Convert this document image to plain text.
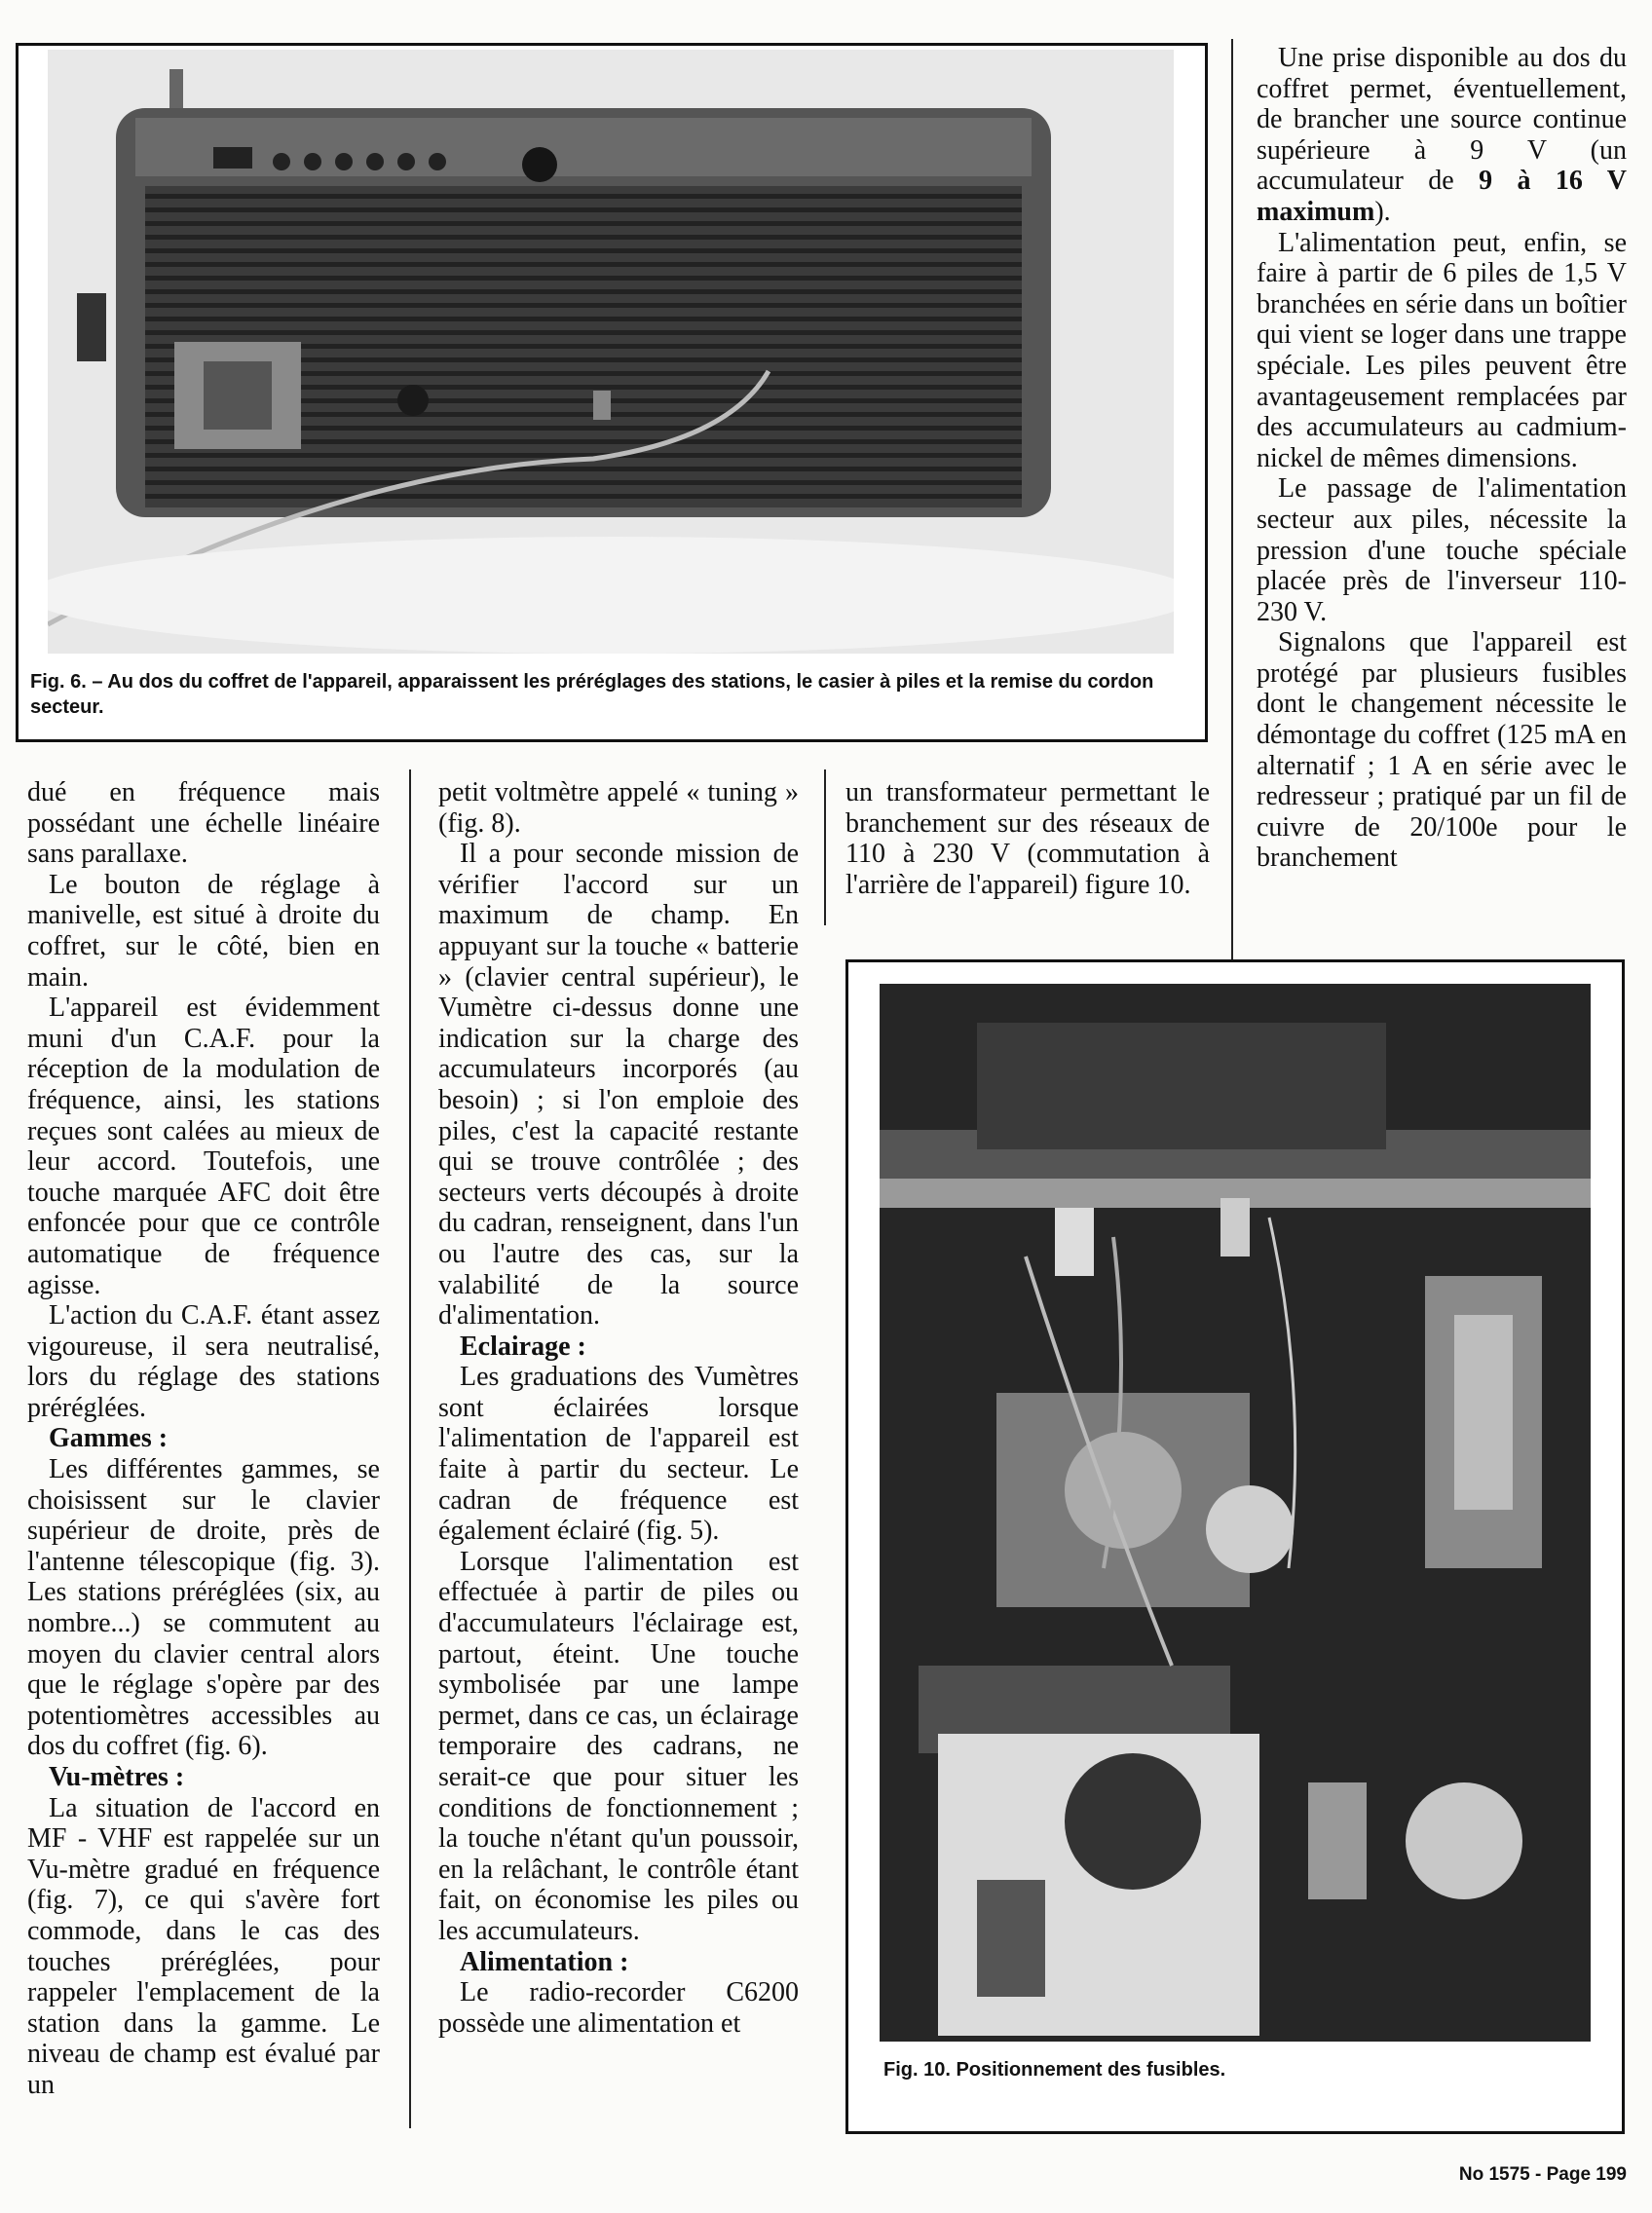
Fig. 6. – Au dos du coffret de l'appareil, apparaissent les préréglages des stations, le casier à piles et la remise du cordon secteur.

dué en fréquence mais possédant une échelle linéaire sans parallaxe.

Le bouton de réglage à manivelle, est situé à droite du coffret, sur le côté, bien en main.

L'appareil est évidemment muni d'un C.A.F. pour la réception de la modulation de fréquence, ainsi, les stations reçues sont calées au mieux de leur accord. Toutefois, une touche marquée AFC doit être enfoncée pour que ce contrôle automatique de fréquence agisse.

L'action du C.A.F. étant assez vigoureuse, il sera neutralisé, lors du réglage des stations préréglées.

Gammes :

Les différentes gammes, se choisissent sur le clavier supérieur de droite, près de l'antenne télescopique (fig. 3). Les stations préréglées (six, au nombre...) se commutent au moyen du clavier central alors que le réglage s'opère par des potentiomètres accessibles au dos du coffret (fig. 6).

Vu-mètres :

La situation de l'accord en MF - VHF est rappelée sur un Vu-mètre gradué en fréquence (fig. 7), ce qui s'avère fort commode, dans le cas des touches préréglées, pour rappeler l'emplacement de la station dans la gamme. Le niveau de champ est évalué par un

petit voltmètre appelé « tuning » (fig. 8).

Il a pour seconde mission de vérifier l'accord sur un maximum de champ. En appuyant sur la touche « batterie » (clavier central supérieur), le Vumètre ci-dessus donne une indication sur la charge des accumulateurs incorporés (au besoin) ; si l'on emploie des piles, c'est la capacité restante qui se trouve contrôlée ; des secteurs verts découpés à droite du cadran, renseignent, dans l'un ou l'autre des cas, sur la valabilité de la source d'alimentation.

Eclairage :

Les graduations des Vumètres sont éclairées lorsque l'alimentation de l'appareil est faite à partir du secteur. Le cadran de fréquence est également éclairé (fig. 5).

Lorsque l'alimentation est effectuée à partir de piles ou d'accumulateurs l'éclairage est, partout, éteint. Une touche symbolisée par une lampe permet, dans ce cas, un éclairage temporaire des cadrans, ne serait-ce que pour situer les conditions de fonctionnement ; la touche n'étant qu'un poussoir, en la relâchant, le contrôle étant fait, on économise les piles ou les accumulateurs.

Alimentation :

Le radio-recorder C6200 possède une alimentation et

un transformateur permettant le branchement sur des réseaux de 110 à 230 V (commutation à l'arrière de l'appareil) figure 10.

Une prise disponible au dos du coffret permet, éventuellement, de brancher une source continue supérieure à 9 V (un accumulateur de 9 à 16 V maximum).

L'alimentation peut, enfin, se faire à partir de 6 piles de 1,5 V branchées en série dans un boîtier qui vient se loger dans une trappe spéciale. Les piles peuvent être avantageusement remplacées par des accumulateurs au cadmium-nickel de mêmes dimensions.

Le passage de l'alimentation secteur aux piles, nécessite la pression d'une touche spéciale placée près de l'inverseur 110-230 V.

Signalons que l'appareil est protégé par plusieurs fusibles dont le changement nécessite le démontage du coffret (125 mA en alternatif ; 1 A en série avec le redresseur ; pratiqué par un fil de cuivre de 20/100e pour le branchement

Fig. 10. Positionnement des fusibles.
No 1575 - Page 199
